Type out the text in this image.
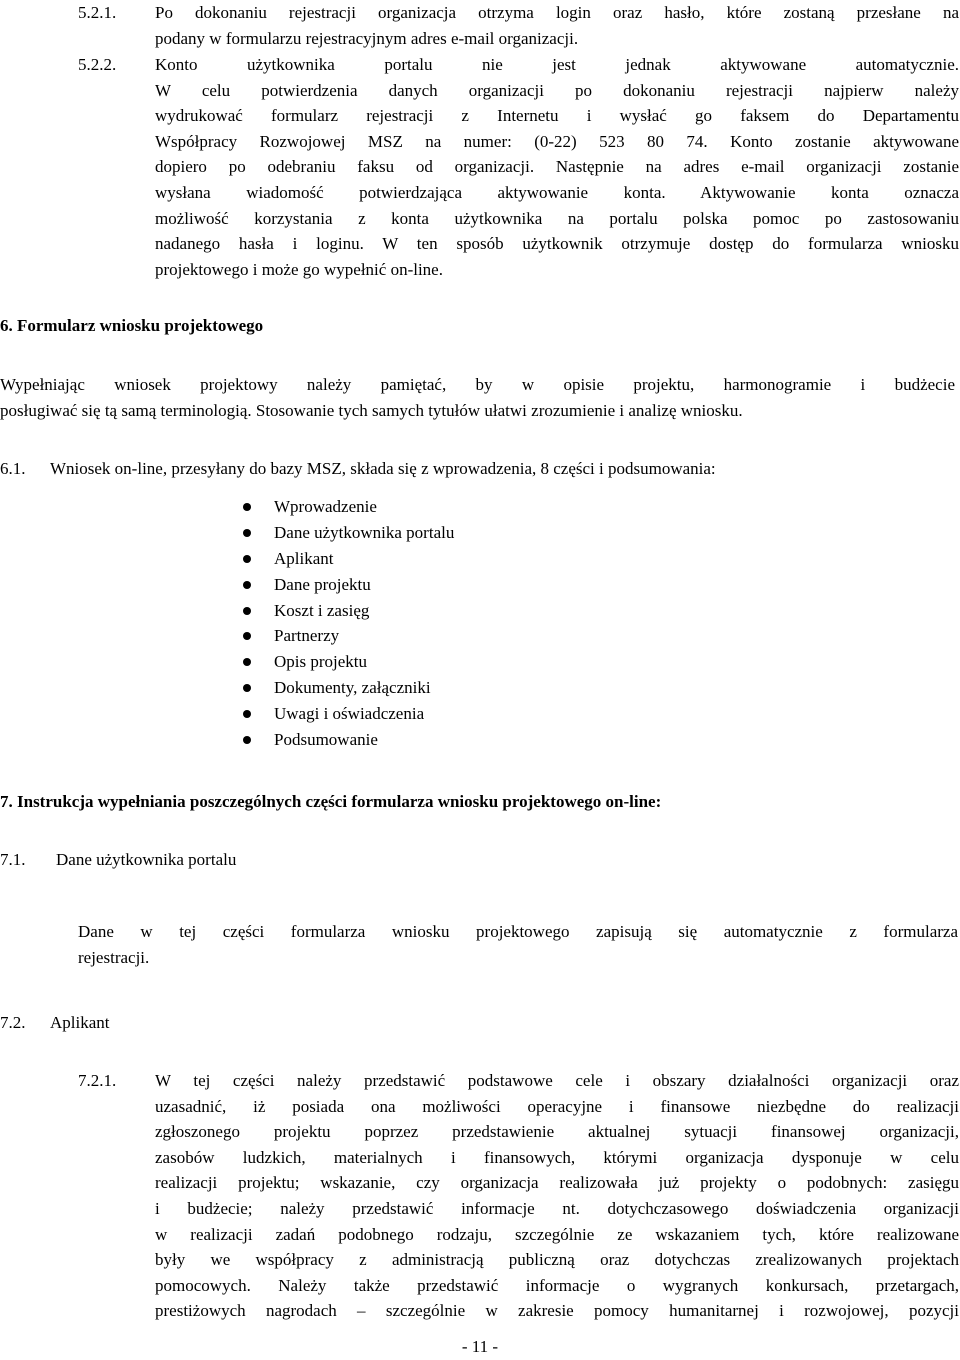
5.2.1. Po dokonaniu rejestracji organizacja otrzyma login oraz hasło, które zostaną przesłane na
podany w formularzu rejestracyjnym adres e-mail organizacji.
5.2.2. Konto użytkownika portalu nie jest jednak aktywowane automatycznie.
W celu potwierdzenia danych organizacji po dokonaniu rejestracji najpierw należy
wydrukować formularz rejestracji z Internetu i wysłać go faksem do Departamentu
Współpracy Rozwojowej MSZ na numer: (0-22) 523 80 74. Konto zostanie aktywowane
dopiero po odebraniu faksu od organizacji. Następnie na adres e-mail organizacji zostanie
wysłana wiadomość potwierdzająca aktywowanie konta. Aktywowanie konta oznacza
możliwość korzystania z konta użytkownika na portalu polska pomoc po zastosowaniu
nadanego hasła i loginu. W ten sposób użytkownik otrzymuje dostęp do formularza wniosku
projektowego i może go wypełnić on-line.
6. Formularz wniosku projektowego
Wypełniając wniosek projektowy należy pamiętać, by w opisie projektu, harmonogramie i budżecie
posługiwać się tą samą terminologią. Stosowanie tych samych tytułów ułatwi zrozumienie i analizę wniosku.
6.1. Wniosek on-line, przesyłany do bazy MSZ, składa się z wprowadzenia, 8 części i podsumowania:
Wprowadzenie
Dane użytkownika portalu
Aplikant
Dane projektu
Koszt i zasięg
Partnerzy
Opis projektu
Dokumenty, załączniki
Uwagi i oświadczenia
Podsumowanie
7. Instrukcja wypełniania poszczególnych części formularza wniosku projektowego on-line:
7.1. Dane użytkownika portalu
Dane w tej części formularza wniosku projektowego zapisują się automatycznie z formularza
rejestracji.
7.2. Aplikant
7.2.1. W tej części należy przedstawić podstawowe cele i obszary działalności organizacji oraz
uzasadnić, iż posiada ona możliwości operacyjne i finansowe niezbędne do realizacji
zgłoszonego projektu poprzez przedstawienie aktualnej sytuacji finansowej organizacji,
zasobów ludzkich, materialnych i finansowych, którymi organizacja dysponuje w celu
realizacji projektu; wskazanie, czy organizacja realizowała już projekty o podobnych: zasięgu
i budżecie; należy przedstawić informacje nt. dotychczasowego doświadczenia organizacji
w realizacji zadań podobnego rodzaju, szczególnie ze wskazaniem tych, które realizowane
były we współpracy z administracją publiczną oraz dotychczas zrealizowanych projektach
pomocowych. Należy także przedstawić informacje o wygranych konkursach, przetargach,
prestiżowych nagrodach – szczególnie w zakresie pomocy humanitarnej i rozwojowej, pozycji
- 11 -
